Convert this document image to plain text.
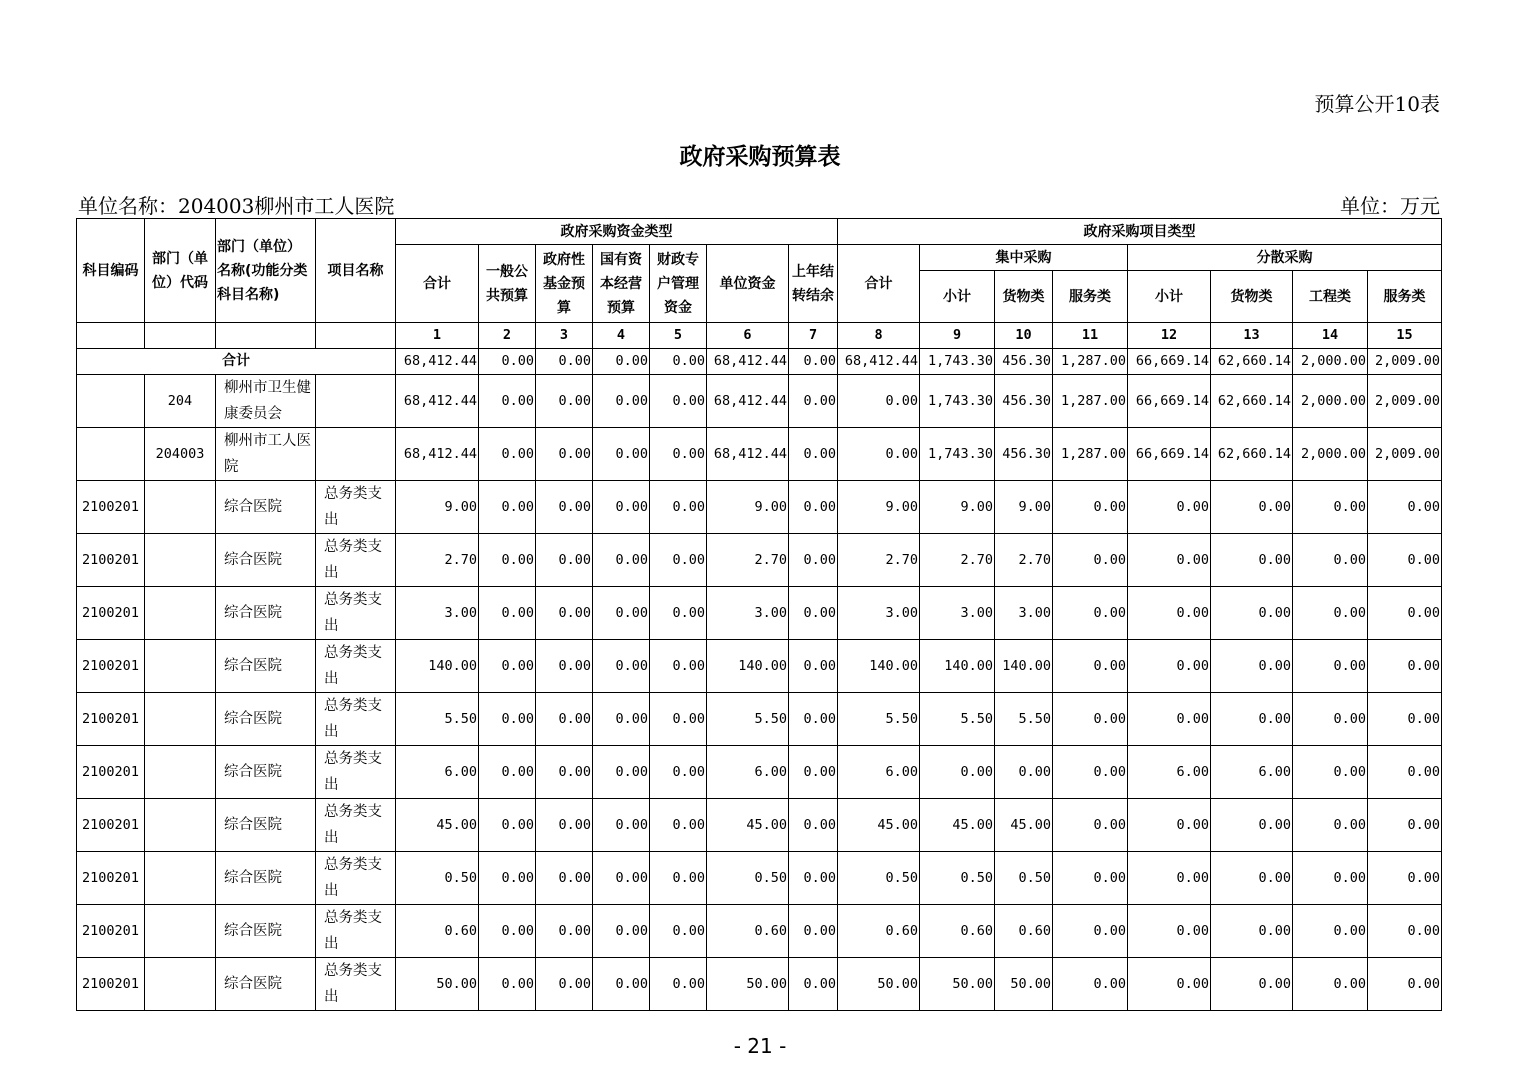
预算公开10表
政府采购预算表
单位名称：204003柳州市工人医院	单位：万元
科目编码	部门（单位）代码	部门（单位）名称(功能分类科目名称)	项目名称	政府采购资金类型							政府采购项目类型							
				合计	一般公共预算	政府性基金预算	国有资本经营预算	财政专户管理资金	单位资金	上年结转结余	合计	集中采购			分散采购			
												小计	货物类	服务类	小计	货物类	工程类	服务类
				1	2	3	4	5	6	7	8	9	10	11	12	13	14	15
合计				68,412.44	0.00	0.00	0.00	0.00	68,412.44	0.00	68,412.44	1,743.30	456.30	1,287.00	66,669.14	62,660.14	2,000.00	2,009.00
	204	柳州市卫生健康委员会		68,412.44	0.00	0.00	0.00	0.00	68,412.44	0.00	0.00	1,743.30	456.30	1,287.00	66,669.14	62,660.14	2,000.00	2,009.00
	204003	柳州市工人医院		68,412.44	0.00	0.00	0.00	0.00	68,412.44	0.00	0.00	1,743.30	456.30	1,287.00	66,669.14	62,660.14	2,000.00	2,009.00
2100201		综合医院	总务类支出	9.00	0.00	0.00	0.00	0.00	9.00	0.00	9.00	9.00	9.00	0.00	0.00	0.00	0.00	0.00
2100201		综合医院	总务类支出	2.70	0.00	0.00	0.00	0.00	2.70	0.00	2.70	2.70	2.70	0.00	0.00	0.00	0.00	0.00
2100201		综合医院	总务类支出	3.00	0.00	0.00	0.00	0.00	3.00	0.00	3.00	3.00	3.00	0.00	0.00	0.00	0.00	0.00
2100201		综合医院	总务类支出	140.00	0.00	0.00	0.00	0.00	140.00	0.00	140.00	140.00	140.00	0.00	0.00	0.00	0.00	0.00
2100201		综合医院	总务类支出	5.50	0.00	0.00	0.00	0.00	5.50	0.00	5.50	5.50	5.50	0.00	0.00	0.00	0.00	0.00
2100201		综合医院	总务类支出	6.00	0.00	0.00	0.00	0.00	6.00	0.00	6.00	0.00	0.00	0.00	6.00	6.00	0.00	0.00
2100201		综合医院	总务类支出	45.00	0.00	0.00	0.00	0.00	45.00	0.00	45.00	45.00	45.00	0.00	0.00	0.00	0.00	0.00
2100201		综合医院	总务类支出	0.50	0.00	0.00	0.00	0.00	0.50	0.00	0.50	0.50	0.50	0.00	0.00	0.00	0.00	0.00
2100201		综合医院	总务类支出	0.60	0.00	0.00	0.00	0.00	0.60	0.00	0.60	0.60	0.60	0.00	0.00	0.00	0.00	0.00
2100201		综合医院	总务类支出	50.00	0.00	0.00	0.00	0.00	50.00	0.00	50.00	50.00	50.00	0.00	0.00	0.00	0.00	0.00
- 21 -
